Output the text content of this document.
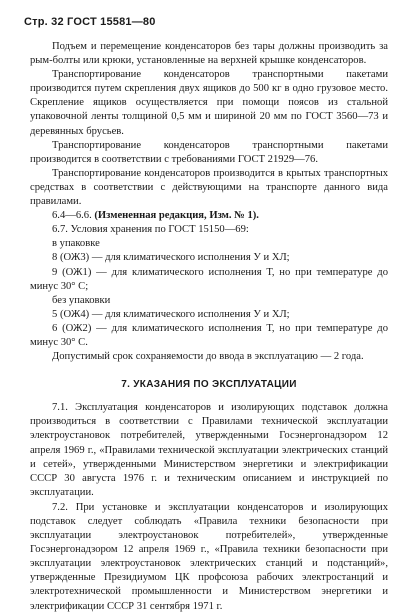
Стр. 32 ГОСТ 15581—80

Подъем и перемещение конденсаторов без тары должны производить за рым-болты или крюки, установленные на верхней крышке конденсаторов.

Транспортирование конденсаторов транспортными пакетами производится путем скрепления двух ящиков до 500 кг в одно грузовое место. Скрепление ящиков осуществляется при помощи поясов из стальной упаковочной ленты толщиной 0,5 мм и шириной 20 мм по ГОСТ 3560—73 и деревянных брусьев.

Транспортирование конденсаторов транспортными пакетами производится в соответствии с требованиями ГОСТ 21929—76.

Транспортирование конденсаторов производится в крытых транспортных средствах в соответствии с действующими на транспорте данного вида правилами.

6.4—6.6. (Измененная редакция, Изм. № 1).

6.7. Условия хранения по ГОСТ 15150—69:

в упаковке

8 (ОЖ3) — для климатического исполнения У и ХЛ;

9 (ОЖ1) — для климатического исполнения Т, но при температуре до минус 30° С;

без упаковки

5 (ОЖ4) — для климатического исполнения У и ХЛ;

6 (ОЖ2) — для климатического исполнения Т, но при температуре до минус 30° С.

Допустимый срок сохраняемости до ввода в эксплуатацию — 2 года.

7. УКАЗАНИЯ ПО ЭКСПЛУАТАЦИИ

7.1. Эксплуатация конденсаторов и изолирующих подставок должна производиться в соответствии с Правилами технической эксплуатации электроустановок потребителей, утвержденными Госэнергонадзором 12 апреля 1969 г., «Правилами технической эксплуатации электрических станций и сетей», утвержденными Министерством энергетики и электрификации СССР 30 августа 1976 г. и техническим описанием и инструкцией по эксплуатации.

7.2. При установке и эксплуатации конденсаторов и изолирующих подставок следует соблюдать «Правила техники безопасности при эксплуатации электроустановок потребителей», утвержденные Госэнергонадзором 12 апреля 1969 г., «Правила техники безопасности при эксплуатации электроустановок электрических станций и подстанций», утвержденные Президиумом ЦК профсоюза рабочих электростанций и электротехнической промышленности и Министерством энергетики и электрификации СССР 31 сентября 1971 г.
